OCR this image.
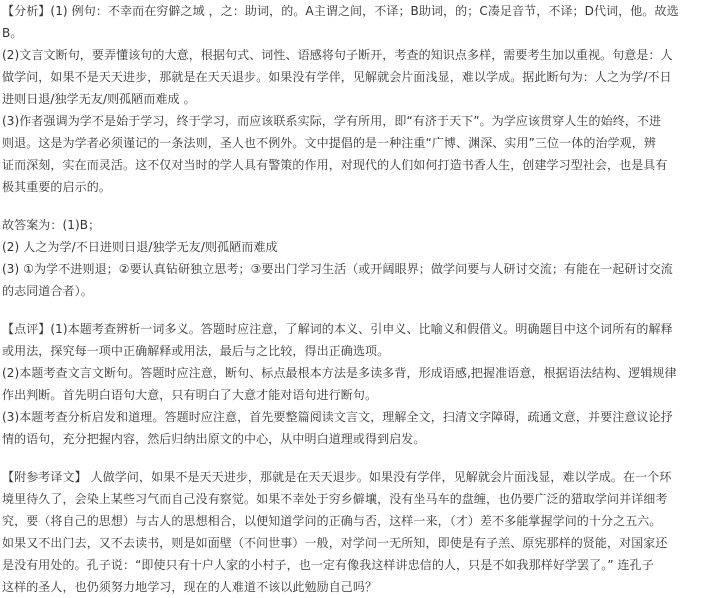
【分析】(1) 例句：不幸而在穷僻之域 ，之：助词，的。A主谓之间，不译；B助词，的；C凑足音节，不译；D代词，他。故选
B。

(2)文言文断句，要弄懂该句的大意，根据句式、词性、语感将句子断开，考查的知识点多样，需要考生加以重视。句意是：人
做学问，如果不是天天进步，那就是在天天退步。如果没有学伴，见解就会片面浅显，难以学成。据此断句为：人之为学/不日
进则日退/独学无友/则孤陋而难成 。

(3)作者强调为学不是始于学习，终于学习，而应该联系实际，学有所用，即“有济于天下”。为学应该贯穿人生的始终，不进
则退。这是为学者必须谨记的一条法则，圣人也不例外。文中提倡的是一种注重“广博、渊深、实用”三位一体的治学观，辨
证而深刻，实在而灵活。这不仅对当时的学人具有警策的作用，对现代的人们如何打造书香人生，创建学习型社会，也是具有
极其重要的启示的。

故答案为：(1)B；
(2) 人之为学/不日进则日退/独学无友/则孤陋而难成
(3) ①为学不进则退；②要认真钻研独立思考；③要出门学习生活（或开阔眼界；做学问要与人研讨交流；有能在一起研讨交流
的志同道合者）。

【点评】(1)本题考查辨析一词多义。答题时应注意，了解词的本义、引申义、比喻义和假借义。明确题目中这个词所有的解释
或用法，探究每一项中正确解释或用法，最后与之比较，得出正确选项。

(2)本题考查文言文断句。答题时应注意，断句、标点最根本方法是多读多背，形成语感,把握准语意，根据语法结构、逻辑规律
作出判断。首先明白语句大意，只有明白了大意才能对语句进行断句。

(3)本题考查分析启发和道理。答题时应注意，首先要整篇阅读文言文，理解全文，扫清文字障碍，疏通文意，并要注意议论抒
情的语句，充分把握内容，然后归纳出原文的中心，从中明白道理或得到启发。

【附参考译文】 人做学问，如果不是天天进步，那就是在天天退步。如果没有学伴，见解就会片面浅显，难以学成。在一个环
境里待久了，会染上某些习气而自己没有察觉。如果不幸处于穷乡僻壤，没有坐马车的盘缠，也仍要广泛的猎取学问并详细考
究，要（将自己的思想）与古人的思想相合，以便知道学问的正确与否，这样一来，（才）差不多能掌握学问的十分之五六。
如果又不出门去，又不去读书，则是如面壁（不问世事）一般，对学问一无所知，即使是有子羔、原宪那样的贤能，对国家还
是没有用处的。孔子说：“即使只有十户人家的小村子，也一定有像我这样讲忠信的人，只是不如我那样好学罢了。” 连孔子
这样的圣人，也仍须努力地学习，现在的人难道不该以此勉励自己吗？
